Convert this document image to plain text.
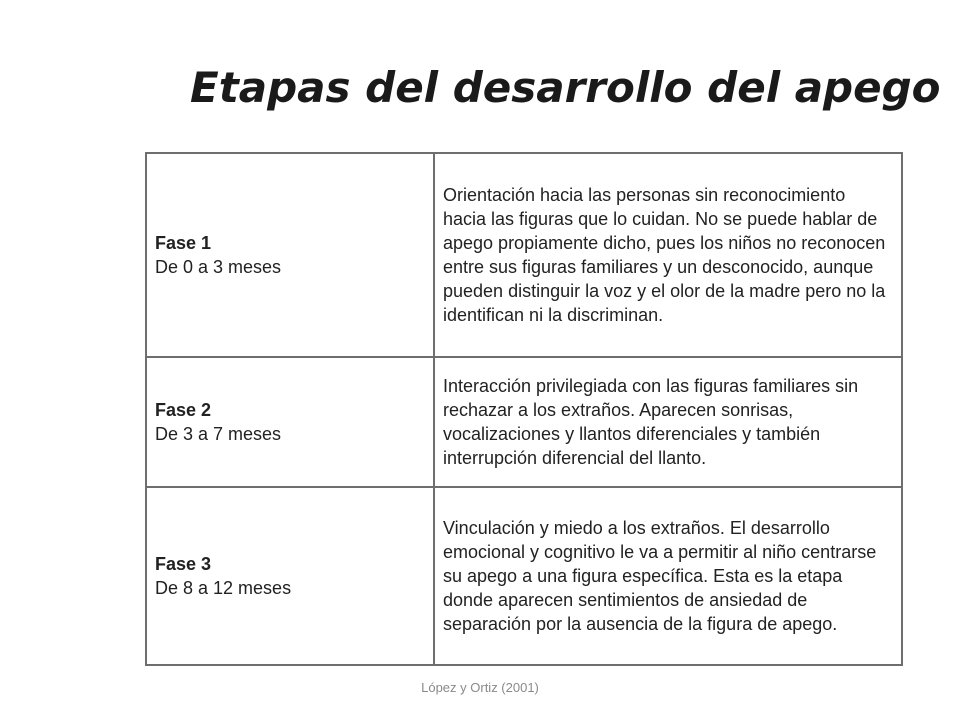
Etapas del desarrollo del apego
Fase 1
De 0 a 3 meses	Orientación hacia las personas sin reconocimiento hacia las figuras que lo cuidan. No se puede hablar de apego propiamente dicho, pues los niños no reconocen entre sus figuras familiares y un desconocido, aunque pueden distinguir la voz y el olor de la madre pero no la identifican ni la discriminan.

Fase 2
De 3 a 7 meses	Interacción privilegiada con las figuras familiares sin rechazar a los extraños. Aparecen sonrisas, vocalizaciones y llantos diferenciales y también interrupción diferencial del llanto.

Fase 3
De 8 a 12 meses	Vinculación y miedo a los extraños. El desarrollo emocional y cognitivo le va a permitir al niño centrarse su apego a una figura específica. Esta es la etapa donde aparecen sentimientos de ansiedad de separación por la ausencia de la figura de apego.
López y Ortiz (2001)
